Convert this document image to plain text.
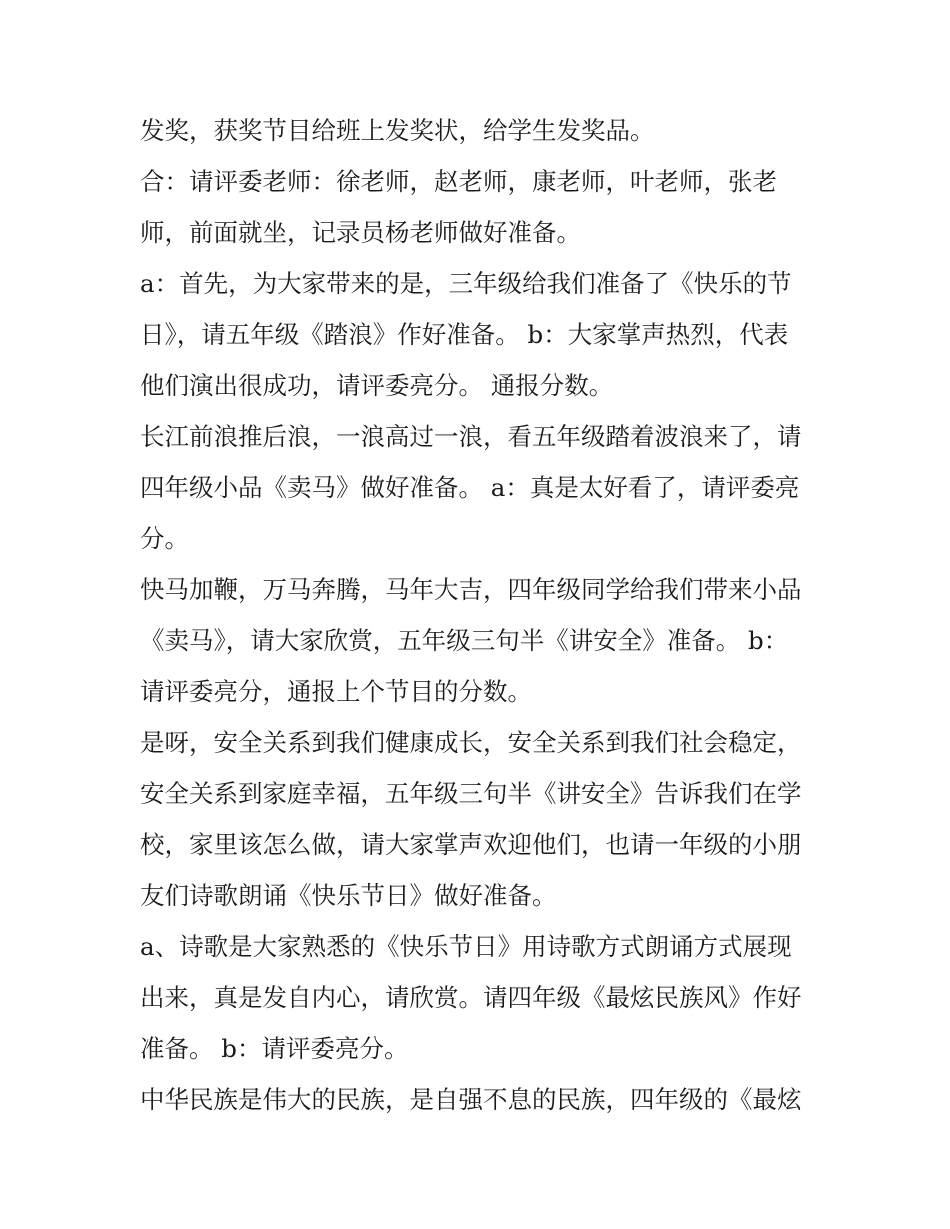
发奖，获奖节目给班上发奖状，给学生发奖品。

合：请评委老师：徐老师，赵老师，康老师，叶老师，张老
师，前面就坐，记录员杨老师做好准备。

a：首先，为大家带来的是，三年级给我们准备了《快乐的节
日》，请五年级《踏浪》作好准备。 b：大家掌声热烈，代表
他们演出很成功，请评委亮分。 通报分数。

长江前浪推后浪，一浪高过一浪，看五年级踏着波浪来了，请
四年级小品《卖马》做好准备。 a：真是太好看了，请评委亮
分。

快马加鞭，万马奔腾，马年大吉，四年级同学给我们带来小品
《卖马》，请大家欣赏，五年级三句半《讲安全》准备。 b：
请评委亮分，通报上个节目的分数。

是呀，安全关系到我们健康成长，安全关系到我们社会稳定，
安全关系到家庭幸福，五年级三句半《讲安全》告诉我们在学
校，家里该怎么做，请大家掌声欢迎他们，也请一年级的小朋
友们诗歌朗诵《快乐节日》做好准备。

a、诗歌是大家熟悉的《快乐节日》用诗歌方式朗诵方式展现
出来，真是发自内心，请欣赏。请四年级《最炫民族风》作好
准备。 b：请评委亮分。

中华民族是伟大的民族，是自强不息的民族，四年级的《最炫
